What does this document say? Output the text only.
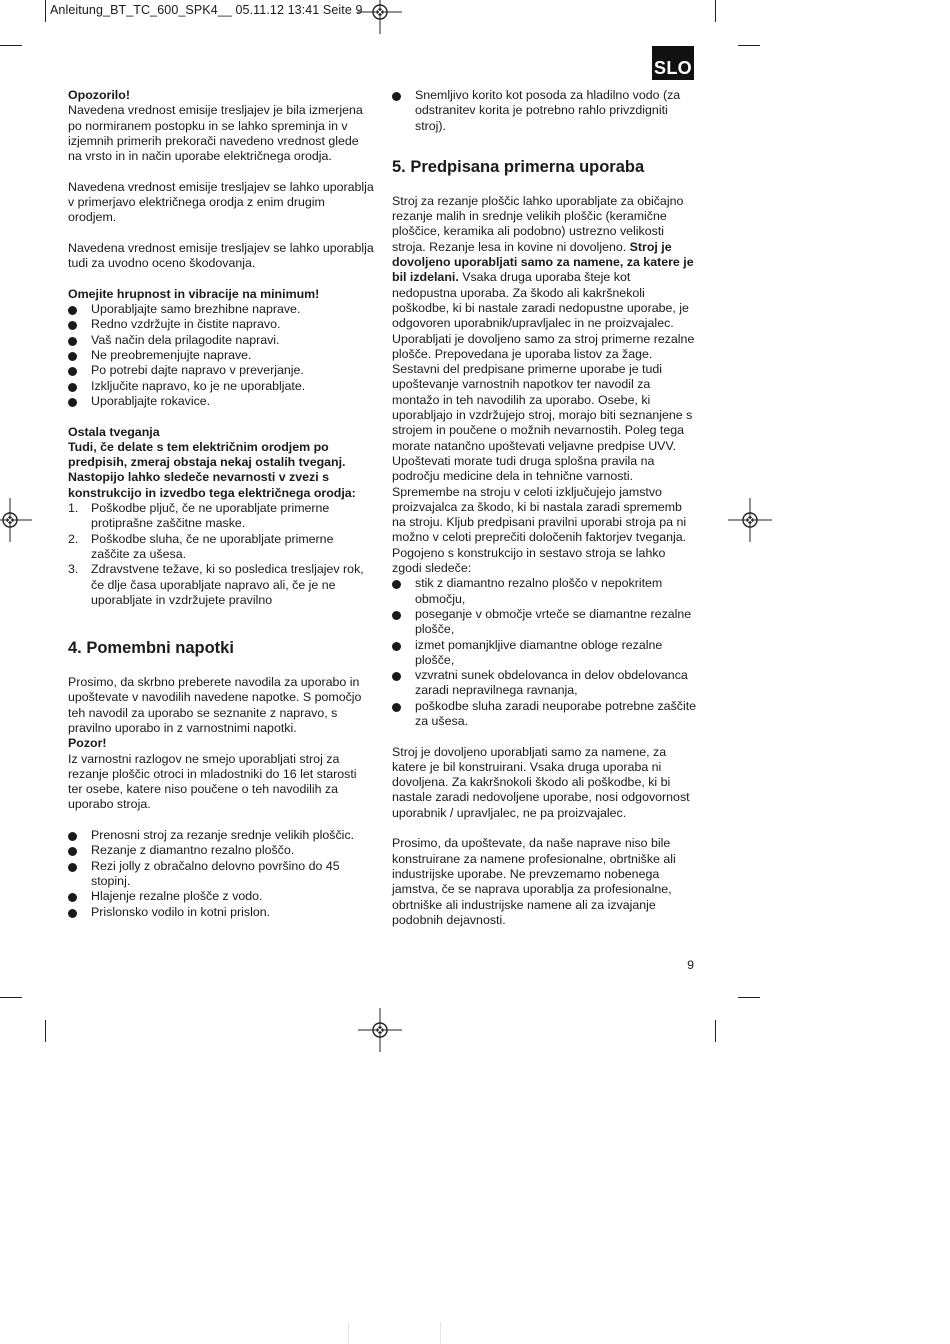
Anleitung_BT_TC_600_SPK4__ 05.11.12 13:41 Seite 9
SLO

Opozorilo!

Navedena vrednost emisije tresljajev je bila izmerjena po normiranem postopku in se lahko spreminja in v izjemnih primerih prekorači navedeno vrednost glede na vrsto in in način uporabe električnega orodja.

Navedena vrednost emisije tresljajev se lahko uporablja v primerjavo električnega orodja z enim drugim orodjem.

Navedena vrednost emisije tresljajev se lahko uporablja tudi za uvodno oceno škodovanja.

Omejite hrupnost in vibracije na minimum!

Uporabljajte samo brezhibne naprave.
Redno vzdržujte in čistite napravo.
Vaš način dela prilagodite napravi.
Ne preobremenjujte naprave.
Po potrebi dajte napravo v preverjanje.
Izključite napravo, ko je ne uporabljate.
Uporabljajte rokavice.

Ostala tveganja

Tudi, če delate s tem električnim orodjem po predpisih, zmeraj obstaja nekaj ostalih tveganj. Nastopijo lahko sledeče nevarnosti v zvezi s konstrukcijo in izvedbo tega električnega orodja:

1. Poškodbe pljuč, če ne uporabljate primerne protiprašne zaščitne maske.
2. Poškodbe sluha, če ne uporabljate primerne zaščite za ušesa.
3. Zdravstvene težave, ki so posledica tresljajev rok, če dlje časa uporabljate napravo ali, če je ne uporabljate in vzdržujete pravilno
4. Pomembni napotki

Prosimo, da skrbno preberete navodila za uporabo in upoštevate v navodilih navedene napotke. S pomočjo teh navodil za uporabo se seznanite z napravo, s pravilno uporabo in z varnostnimi napotki.

Pozor!

Iz varnostni razlogov ne smejo uporabljati stroj za rezanje ploščic otroci in mladostniki do 16 let starosti ter osebe, katere niso poučene o teh navodilih za uporabo stroja.

Prenosni stroj za rezanje srednje velikih ploščic.
Rezanje z diamantno rezalno ploščo.
Rezi jolly z obračalno delovno površino do 45 stopinj.
Hlajenje rezalne plošče z vodo.
Prislonsko vodilo in kotni prislon.
Snemljivo korito kot posoda za hladilno vodo (za odstranitev korita je potrebno rahlo privzdigniti stroj).
5. Predpisana primerna uporaba

Stroj za rezanje ploščic lahko uporabljate za običajno rezanje malih in srednje velikih ploščic (keramične ploščice, keramika ali podobno) ustrezno velikosti stroja. Rezanje lesa in kovine ni dovoljeno. Stroj je dovoljeno uporabljati samo za namene, za katere je bil izdelani. Vsaka druga uporaba šteje kot nedopustna uporaba. Za škodo ali kakršnekoli poškodbe, ki bi nastale zaradi nedopustne uporabe, je odgovoren uporabnik/upravljalec in ne proizvajalec. Uporabljati je dovoljeno samo za stroj primerne rezalne plošče. Prepovedana je uporaba listov za žage. Sestavni del predpisane primerne uporabe je tudi upoštevanje varnostnih napotkov ter navodil za montažo in teh navodilih za uporabo. Osebe, ki uporabljajo in vzdržujejo stroj, morajo biti seznanjene s strojem in poučene o možnih nevarnostih. Poleg tega morate natančno upoštevati veljavne predpise UVV. Upoštevati morate tudi druga splošna pravila na področju medicine dela in tehnične varnosti. Spremembe na stroju v celoti izključujejo jamstvo proizvajalca za škodo, ki bi nastala zaradi sprememb na stroju. Kljub predpisani pravilni uporabi stroja pa ni možno v celoti preprečiti določenih faktorjev tveganja. Pogojeno s konstrukcijo in sestavo stroja se lahko zgodi sledeče:

stik z diamantno rezalno ploščo v nepokritem območju,
poseganje v območje vrteče se diamantne rezalne plošče,
izmet pomanjkljive diamantne obloge rezalne plošče,
vzvratni sunek obdelovanca in delov obdelovanca zaradi nepravilnega ravnanja,
poškodbe sluha zaradi neuporabe potrebne zaščite za ušesa.

Stroj je dovoljeno uporabljati samo za namene, za katere je bil konstruirani. Vsaka druga uporaba ni dovoljena. Za kakršnokoli škodo ali poškodbe, ki bi nastale zaradi nedovoljene uporabe, nosi odgovornost uporabnik / upravljalec, ne pa proizvajalec.

Prosimo, da upoštevate, da naše naprave niso bile konstruirane za namene profesionalne, obrtniške ali industrijske uporabe. Ne prevzemamo nobenega jamstva, če se naprava uporablja za profesionalne, obrtniške ali industrijske namene ali za izvajanje podobnih dejavnosti.

9
